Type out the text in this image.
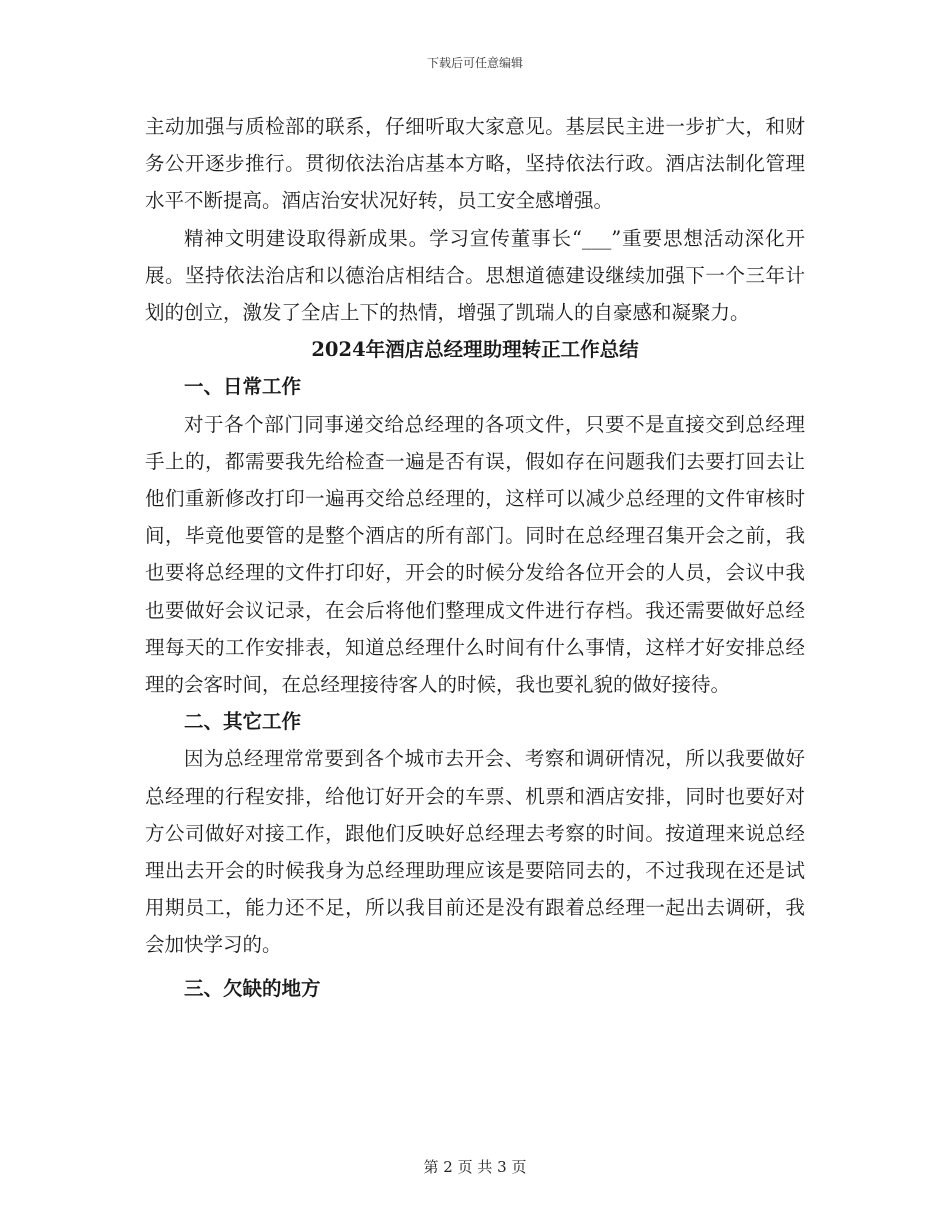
下载后可任意编辑

主动加强与质检部的联系，仔细听取大家意见。基层民主进一步扩大，和财务公开逐步推行。贯彻依法治店基本方略，坚持依法行政。酒店法制化管理水平不断提高。酒店治安状况好转，员工安全感增强。

精神文明建设取得新成果。学习宣传董事长“___”重要思想活动深化开展。坚持依法治店和以德治店相结合。思想道德建设继续加强下一个三年计划的创立，激发了全店上下的热情，增强了凯瑞人的自豪感和凝聚力。

2024年酒店总经理助理转正工作总结

一、日常工作

对于各个部门同事递交给总经理的各项文件，只要不是直接交到总经理手上的，都需要我先给检查一遍是否有误，假如存在问题我们去要打回去让他们重新修改打印一遍再交给总经理的，这样可以减少总经理的文件审核时间，毕竟他要管的是整个酒店的所有部门。同时在总经理召集开会之前，我也要将总经理的文件打印好，开会的时候分发给各位开会的人员，会议中我也要做好会议记录，在会后将他们整理成文件进行存档。我还需要做好总经理每天的工作安排表，知道总经理什么时间有什么事情，这样才好安排总经理的会客时间，在总经理接待客人的时候，我也要礼貌的做好接待。

二、其它工作

因为总经理常常要到各个城市去开会、考察和调研情况，所以我要做好总经理的行程安排，给他订好开会的车票、机票和酒店安排，同时也要好对方公司做好对接工作，跟他们反映好总经理去考察的时间。按道理来说总经理出去开会的时候我身为总经理助理应该是要陪同去的，不过我现在还是试用期员工，能力还不足，所以我目前还是没有跟着总经理一起出去调研，我会加快学习的。

三、欠缺的地方

第 2 页 共 3 页
